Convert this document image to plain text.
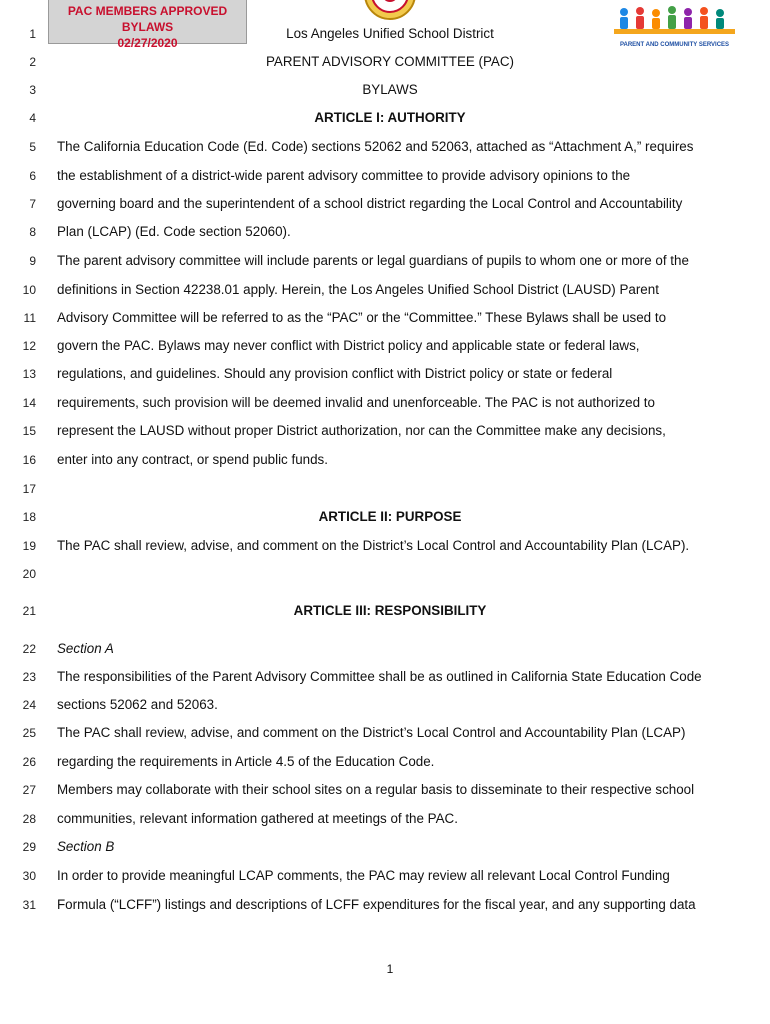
PAC MEMBERS APPROVED BYLAWS
02/27/2020	PARENT AND COMMUNITY SERVICES
1	Los Angeles Unified School District
2	PARENT ADVISORY COMMITTEE (PAC)
3	BYLAWS
4	ARTICLE I: AUTHORITY
5 The California Education Code (Ed. Code) sections 52062 and 52063, attached as “Attachment A,” requires
6 the establishment of a district-wide parent advisory committee to provide advisory opinions to the
7 governing board and the superintendent of a school district regarding the Local Control and Accountability
8 Plan (LCAP) (Ed. Code section 52060).
9 The parent advisory committee will include parents or legal guardians of pupils to whom one or more of the
10 definitions in Section 42238.01 apply. Herein, the Los Angeles Unified School District (LAUSD) Parent
11 Advisory Committee will be referred to as the “PAC” or the “Committee.” These Bylaws shall be used to
12 govern the PAC. Bylaws may never conflict with District policy and applicable state or federal laws,
13 regulations, and guidelines. Should any provision conflict with District policy or state or federal
14 requirements, such provision will be deemed invalid and unenforceable. The PAC is not authorized to
15 represent the LAUSD without proper District authorization, nor can the Committee make any decisions,
16 enter into any contract, or spend public funds.
17
18	ARTICLE II: PURPOSE
19 The PAC shall review, advise, and comment on the District’s Local Control and Accountability Plan (LCAP).
20
21	ARTICLE III: RESPONSIBILITY
22 Section A
23 The responsibilities of the Parent Advisory Committee shall be as outlined in California State Education Code
24 sections 52062 and 52063.
25 The PAC shall review, advise, and comment on the District’s Local Control and Accountability Plan (LCAP)
26 regarding the requirements in Article 4.5 of the Education Code.
27 Members may collaborate with their school sites on a regular basis to disseminate to their respective school
28 communities, relevant information gathered at meetings of the PAC.
29 Section B
30 In order to provide meaningful LCAP comments, the PAC may review all relevant Local Control Funding
31 Formula (“LCFF”) listings and descriptions of LCFF expenditures for the fiscal year, and any supporting data
1
